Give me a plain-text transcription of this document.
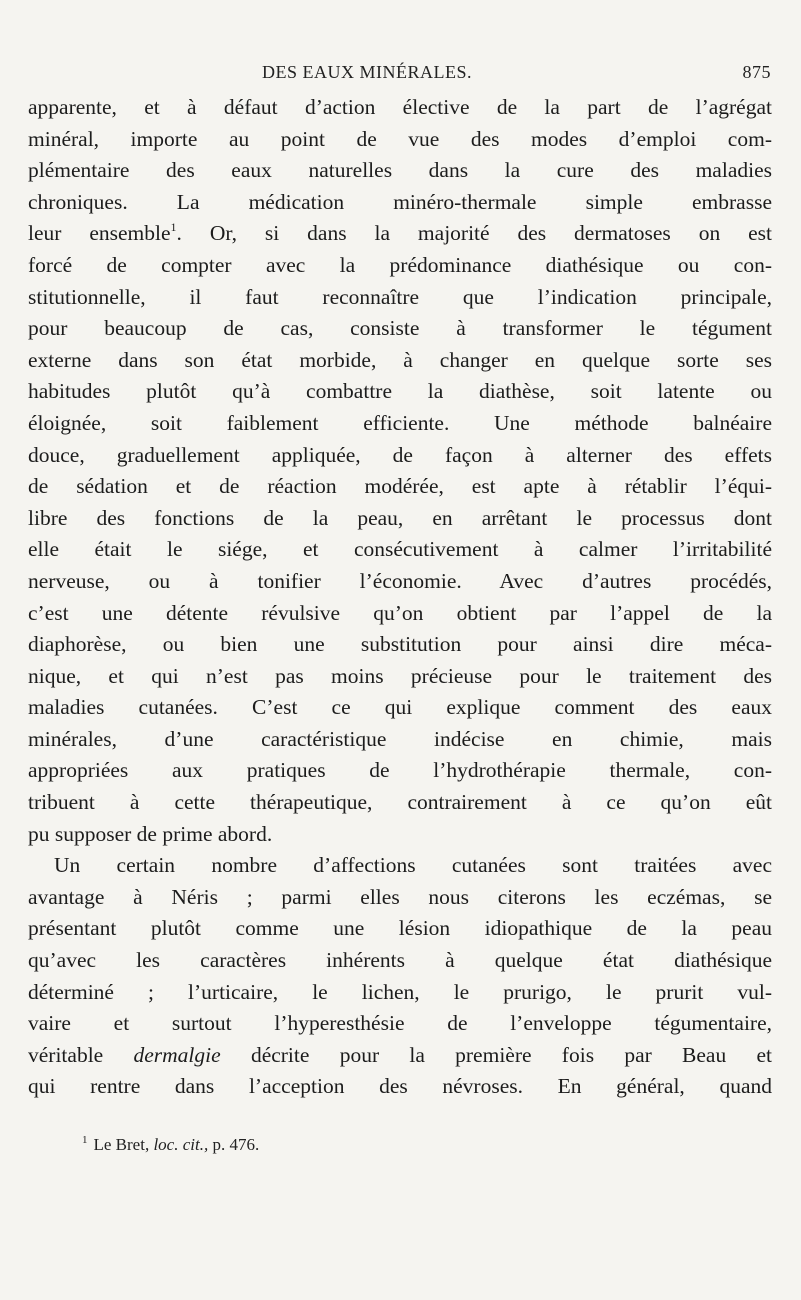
DES EAUX MINÉRALES.	875
apparente, et à défaut d’action élective de la part de l’agrégat
minéral, importe au point de vue des modes d’emploi com-
plémentaire des eaux naturelles dans la cure des maladies
chroniques. La médication minéro-thermale simple embrasse
leur ensemble$^1$. Or, si dans la majorité des dermatoses on est
forcé de compter avec la prédominance diathésique ou con-
stitutionnelle, il faut reconnaître que l’indication principale,
pour beaucoup de cas, consiste à transformer le tégument
externe dans son état morbide, à changer en quelque sorte ses
habitudes plutôt qu’à combattre la diathèse, soit latente ou
éloignée, soit faiblement efficiente. Une méthode balnéaire
douce, graduellement appliquée, de façon à alterner des effets
de sédation et de réaction modérée, est apte à rétablir l’équi-
libre des fonctions de la peau, en arrêtant le processus dont
elle était le siége, et consécutivement à calmer l’irritabilité
nerveuse, ou à tonifier l’économie. Avec d’autres procédés,
c’est une détente révulsive qu’on obtient par l’appel de la
diaphorèse, ou bien une substitution pour ainsi dire méca-
nique, et qui n’est pas moins précieuse pour le traitement des
maladies cutanées. C’est ce qui explique comment des eaux
minérales, d’une caractéristique indécise en chimie, mais
appropriées aux pratiques de l’hydrothérapie thermale, con-
tribuent à cette thérapeutique, contrairement à ce qu’on eût
pu supposer de prime abord.
Un certain nombre d’affections cutanées sont traitées avec
avantage à Néris ; parmi elles nous citerons les eczémas, se
présentant plutôt comme une lésion idiopathique de la peau
qu’avec les caractères inhérents à quelque état diathésique
déterminé ; l’urticaire, le lichen, le prurigo, le prurit vul-
vaire et surtout l’hyperesthésie de l’enveloppe tégumentaire,
véritable dermalgie décrite pour la première fois par Beau et
qui rentre dans l’acception des névroses. En général, quand
$^1$ Le Bret, loc. cit., p. 476.
